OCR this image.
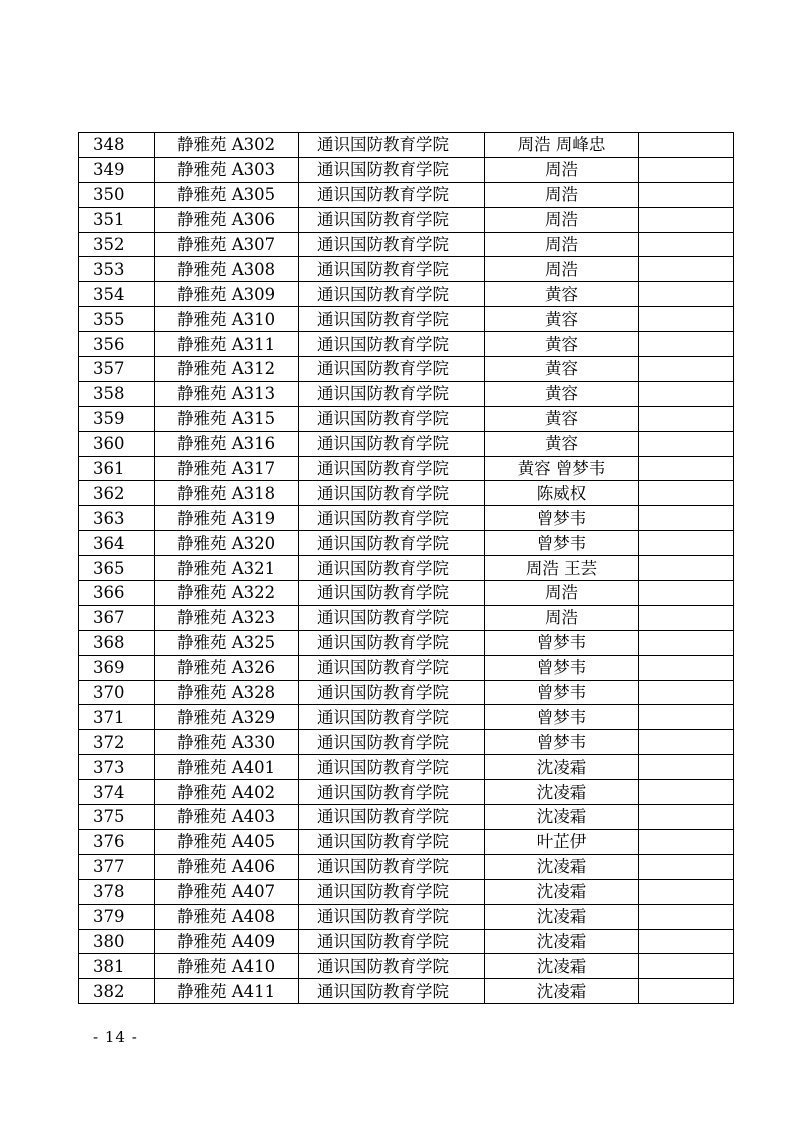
348	静雅苑 A302	通识国防教育学院	周浩 周峰忠	
349	静雅苑 A303	通识国防教育学院	周浩	
350	静雅苑 A305	通识国防教育学院	周浩	
351	静雅苑 A306	通识国防教育学院	周浩	
352	静雅苑 A307	通识国防教育学院	周浩	
353	静雅苑 A308	通识国防教育学院	周浩	
354	静雅苑 A309	通识国防教育学院	黄容	
355	静雅苑 A310	通识国防教育学院	黄容	
356	静雅苑 A311	通识国防教育学院	黄容	
357	静雅苑 A312	通识国防教育学院	黄容	
358	静雅苑 A313	通识国防教育学院	黄容	
359	静雅苑 A315	通识国防教育学院	黄容	
360	静雅苑 A316	通识国防教育学院	黄容	
361	静雅苑 A317	通识国防教育学院	黄容 曾梦韦	
362	静雅苑 A318	通识国防教育学院	陈威权	
363	静雅苑 A319	通识国防教育学院	曾梦韦	
364	静雅苑 A320	通识国防教育学院	曾梦韦	
365	静雅苑 A321	通识国防教育学院	周浩 王芸	
366	静雅苑 A322	通识国防教育学院	周浩	
367	静雅苑 A323	通识国防教育学院	周浩	
368	静雅苑 A325	通识国防教育学院	曾梦韦	
369	静雅苑 A326	通识国防教育学院	曾梦韦	
370	静雅苑 A328	通识国防教育学院	曾梦韦	
371	静雅苑 A329	通识国防教育学院	曾梦韦	
372	静雅苑 A330	通识国防教育学院	曾梦韦	
373	静雅苑 A401	通识国防教育学院	沈凌霜	
374	静雅苑 A402	通识国防教育学院	沈凌霜	
375	静雅苑 A403	通识国防教育学院	沈凌霜	
376	静雅苑 A405	通识国防教育学院	叶芷伊	
377	静雅苑 A406	通识国防教育学院	沈凌霜	
378	静雅苑 A407	通识国防教育学院	沈凌霜	
379	静雅苑 A408	通识国防教育学院	沈凌霜	
380	静雅苑 A409	通识国防教育学院	沈凌霜	
381	静雅苑 A410	通识国防教育学院	沈凌霜	
382	静雅苑 A411	通识国防教育学院	沈凌霜	
- 14 -
